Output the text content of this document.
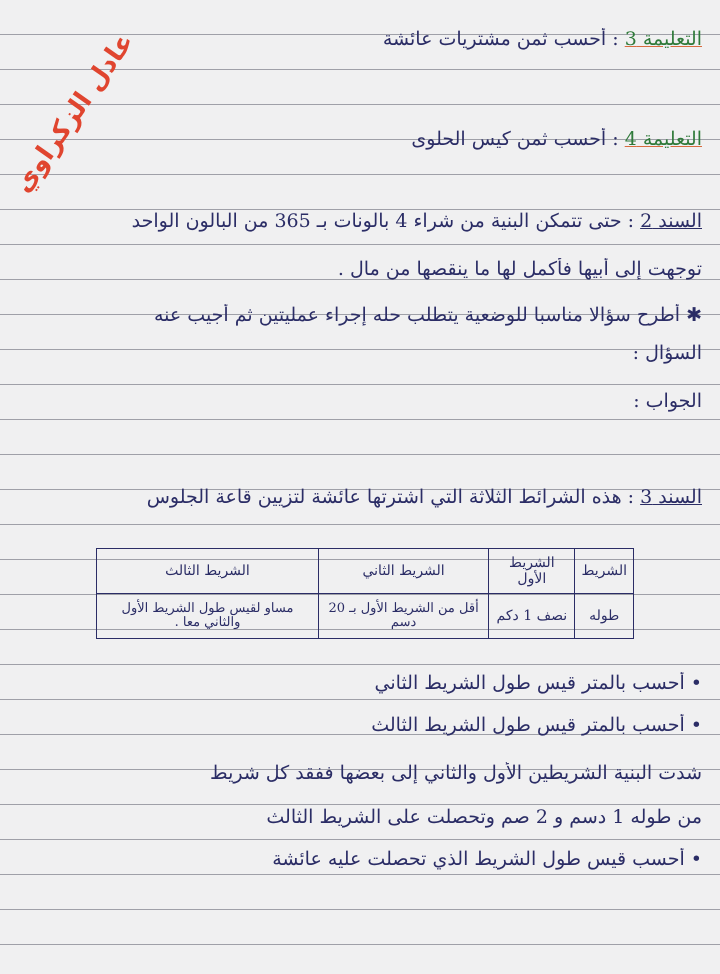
عادل الزكراوي	التعليمة 3 : أحسب ثمن مشتريات عائشة
التعليمة 4 : أحسب ثمن كيس الحلوى
السند 2 : حتى تتمكن البنية من شراء 4 بالونات بـ 365 من البالون الواحد
توجهت إلى أبيها فأكمل لها ما ينقصها من مال .
✱ أطرح سؤالا مناسبا للوضعية يتطلب حله إجراء عمليتين ثم أجيب عنه
السؤال :
الجواب :
السند 3 : هذه الشرائط الثلاثة التي اشترتها عائشة لتزيين قاعة الجلوس
الشريط	الشريط الأول	الشريط الثاني	الشريط الثالث
طوله	نصف 1 دكم	أقل من الشريط الأول بـ 20 دسم	مساو لقيس طول الشريط الأول والثاني معا .
• أحسب بالمتر قيس طول الشريط الثاني
• أحسب بالمتر قيس طول الشريط الثالث
شدت البنية الشريطين الأول والثاني إلى بعضها ففقد كل شريط
من طوله 1 دسم و 2 صم وتحصلت على الشريط الثالث
• أحسب قيس طول الشريط الذي تحصلت عليه عائشة
